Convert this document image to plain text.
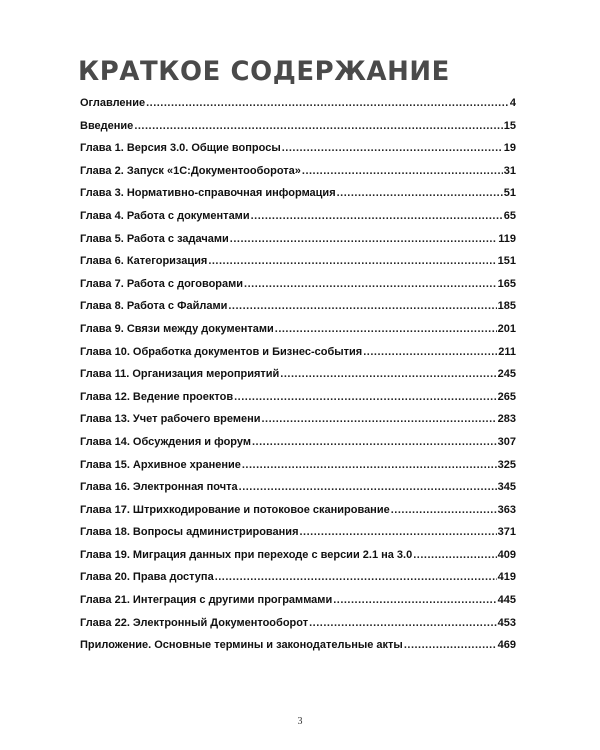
КРАТКОЕ СОДЕРЖАНИЕ
Оглавление .....	4
Введение .....	15
Глава 1. Версия 3.0. Общие вопросы .....	19
Глава 2. Запуск «1С:Документооборота» .....	31
Глава 3. Нормативно-справочная информация .....	51
Глава 4. Работа с документами .....	65
Глава 5. Работа с задачами .....	119
Глава 6. Категоризация .....	151
Глава 7. Работа с договорами .....	165
Глава 8. Работа с Файлами .....	185
Глава 9. Связи между документами .....	201
Глава 10. Обработка документов и Бизнес-события .....	211
Глава 11. Организация мероприятий .....	245
Глава 12. Ведение проектов .....	265
Глава 13. Учет рабочего времени .....	283
Глава 14. Обсуждения и форум .....	307
Глава 15. Архивное хранение .....	325
Глава 16. Электронная почта .....	345
Глава 17. Штрихкодирование и потоковое сканирование .....	363
Глава 18. Вопросы администрирования .....	371
Глава 19. Миграция данных при переходе с версии 2.1 на 3.0 .....	409
Глава 20. Права доступа .....	419
Глава 21. Интеграция с другими программами .....	445
Глава 22. Электронный Документооборот .....	453
Приложение. Основные термины и законодательные акты .....	469
3
